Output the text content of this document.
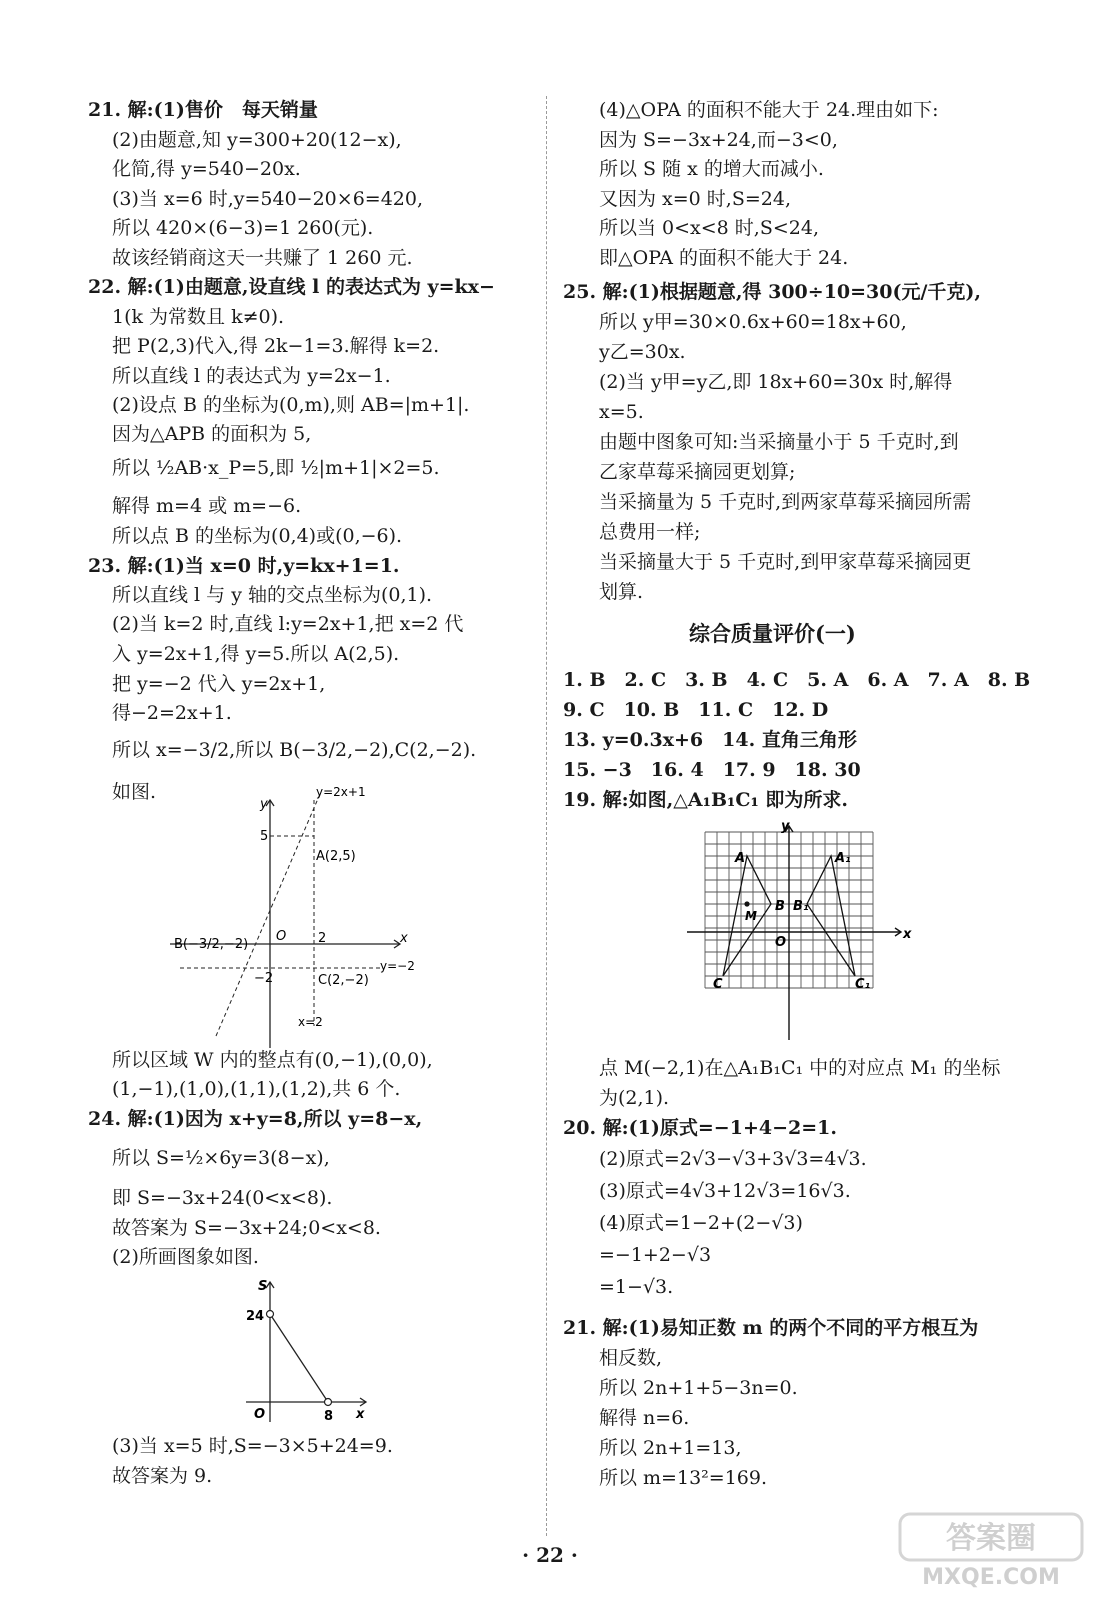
21. 解:(1)售价　每天销量
(2)由题意,知 y=300+20(12−x),
化简,得 y=540−20x.
(3)当 x=6 时,y=540−20×6=420,
所以 420×(6−3)=1 260(元).
故该经销商这天一共赚了 1 260 元.
22. 解:(1)由题意,设直线 l 的表达式为 y=kx−
1(k 为常数且 k≠0).
把 P(2,3)代入,得 2k−1=3.解得 k=2.
所以直线 l 的表达式为 y=2x−1.
(2)设点 B 的坐标为(0,m),则 AB=|m+1|.
因为△APB 的面积为 5,
所以 ½AB·x_P=5,即 ½|m+1|×2=5.
解得 m=4 或 m=−6.
所以点 B 的坐标为(0,4)或(0,−6).
23. 解:(1)当 x=0 时,y=kx+1=1.
所以直线 l 与 y 轴的交点坐标为(0,1).
(2)当 k=2 时,直线 l:y=2x+1,把 x=2 代
入 y=2x+1,得 y=5.所以 A(2,5).
把 y=−2 代入 y=2x+1,
得−2=2x+1.
所以 x=−3/2,所以 B(−3/2,−2),C(2,−2).
如图.
y
x
O
y=2x+1
5
A(2,5)
2
B(−3/2,−2)
y=−2
−2	C(2,−2)
x=2
所以区域 W 内的整点有(0,−1),(0,0),
(1,−1),(1,0),(1,1),(1,2),共 6 个.
24. 解:(1)因为 x+y=8,所以 y=8−x,
所以 S=½×6y=3(8−x),
即 S=−3x+24(0<x<8).
故答案为 S=−3x+24;0<x<8.
(2)所画图象如图.
S
24
O	8 x
(3)当 x=5 时,S=−3×5+24=9.
故答案为 9.
(4)△OPA 的面积不能大于 24.理由如下:
因为 S=−3x+24,而−3<0,
所以 S 随 x 的增大而减小.
又因为 x=0 时,S=24,
所以当 0<x<8 时,S<24,
即△OPA 的面积不能大于 24.
25. 解:(1)根据题意,得 300÷10=30(元/千克),
所以 y甲=30×0.6x+60=18x+60,
y乙=30x.
(2)当 y甲=y乙,即 18x+60=30x 时,解得
x=5.
由题中图象可知:当采摘量小于 5 千克时,到
乙家草莓采摘园更划算;
当采摘量为 5 千克时,到两家草莓采摘园所需
总费用一样;
当采摘量大于 5 千克时,到甲家草莓采摘园更
划算.
综合质量评价(一)
1. B　2. C　3. B　4. C　5. A　6. A　7. A　8. B
9. C　10. B　11. C　12. D
13. y=0.3x+6　14. 直角三角形
15. −3　16. 4　17. 9　18. 30
19. 解:如图,△A₁B₁C₁ 即为所求.
y
x
O
A
B
C
M
A₁
B₁
C₁
点 M(−2,1)在△A₁B₁C₁ 中的对应点 M₁ 的坐标
为(2,1).
20. 解:(1)原式=−1+4−2=1.
(2)原式=2√3−√3+3√3=4√3.
(3)原式=4√3+12√3=16√3.
(4)原式=1−2+(2−√3)
=−1+2−√3
=1−√3.
21. 解:(1)易知正数 m 的两个不同的平方根互为
相反数,
所以 2n+1+5−3n=0.
解得 n=6.
所以 2n+1=13,
所以 m=13²=169.
· 22 ·	答案圈
MXQE.COM
